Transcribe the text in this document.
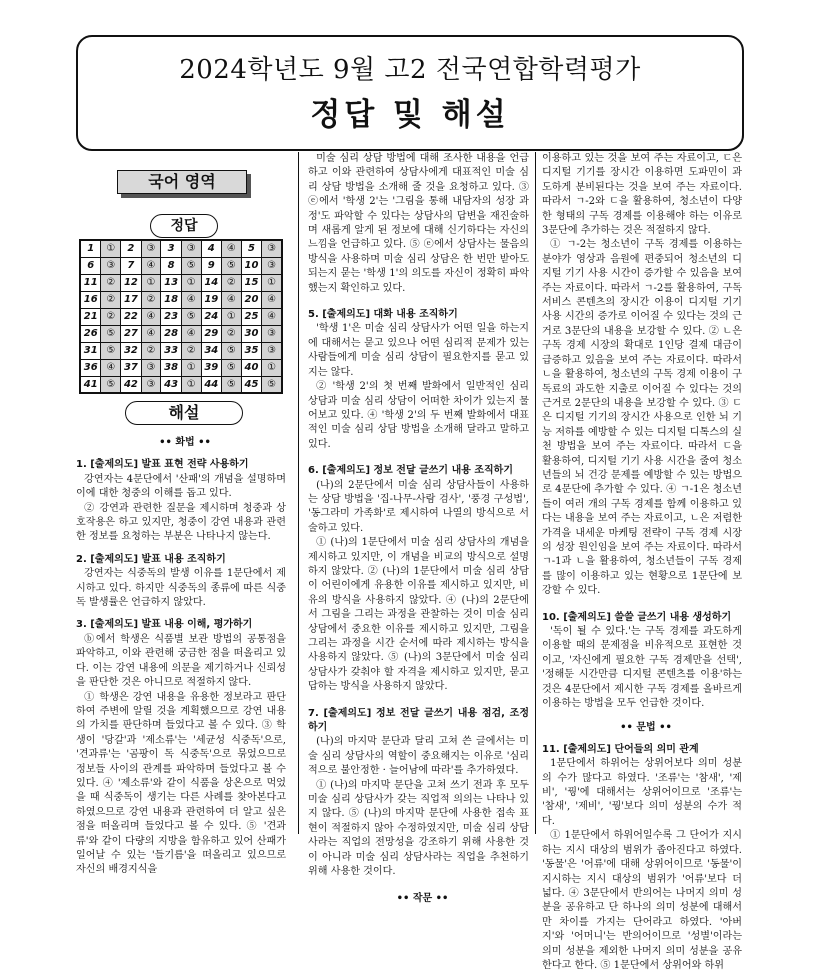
2024학년도 9월 고2 전국연합학력평가
정답 및 해설
국어 영역
정답
1	①	2	③	3	③	4	④	5	③
6	③	7	④	8	⑤	9	⑤	10	③
11	②	12	①	13	①	14	②	15	①
16	②	17	②	18	④	19	④	20	④
21	②	22	④	23	⑤	24	①	25	④
26	⑤	27	④	28	④	29	②	30	③
31	⑤	32	②	33	②	34	⑤	35	③
36	④	37	③	38	①	39	⑤	40	①
41	⑤	42	③	43	①	44	⑤	45	⑤
해설

•• 화법 ••

1. [출제의도] 발표 표현 전략 사용하기

강연자는 4문단에서 '산패'의 개념을 설명하며 이에 대한 청중의 이해를 돕고 있다.

② 강연과 관련한 질문을 제시하며 청중과 상호작용은 하고 있지만, 청중이 강연 내용과 관련한 정보를 요청하는 부분은 나타나지 않는다.

2. [출제의도] 발표 내용 조직하기

강연자는 식중독의 발생 이유를 1문단에서 제시하고 있다. 하지만 식중독의 종류에 따른 식중독 발생률은 언급하지 않았다.

3. [출제의도] 발표 내용 이해, 평가하기

ⓑ에서 학생은 식품별 보관 방법의 공통점을 파악하고, 이와 관련해 궁금한 점을 떠올리고 있다. 이는 강연 내용에 의문을 제기하거나 신뢰성을 판단한 것은 아니므로 적절하지 않다.

① 학생은 강연 내용을 유용한 정보라고 판단하여 주변에 알릴 것을 계획했으므로 강연 내용의 가치를 판단하며 들었다고 볼 수 있다. ③ 학생이 '당갈'과 '제소류'는 '세균성 식중독'으로, '견과류'는 '곰팡이 독 식중독'으로 묶었으므로 정보들 사이의 관계를 파악하며 들었다고 볼 수 있다. ④ '제소류'와 같이 식품을 상온으로 먹었을 때 식중독이 생기는 다른 사례를 찾아본다고 하였으므로 강연 내용과 관련하여 더 알고 싶은 점을 떠올리며 들었다고 볼 수 있다. ⑤ '견과류'와 같이 다량의 지방을 함유하고 있어 산패가 일어날 수 있는 '들기름'을 떠올리고 있으므로 자신의 배경지식을

미술 심리 상담 방법에 대해 조사한 내용을 언급하고 이와 관련하여 상담사에게 대표적인 미술 심리 상담 방법을 소개해 줄 것을 요청하고 있다. ③ ⓔ에서 '학생 2'는 '그림을 통해 내담자의 성장 과정'도 파악할 수 있다는 상담사의 답변을 재진술하며 새롭게 알게 된 정보에 대해 신기하다는 자신의 느낌을 언급하고 있다. ⑤ ⓔ에서 상담사는 물음의 방식을 사용하며 미술 심리 상담은 한 번만 받아도 되는지 묻는 '학생 1'의 의도를 자신이 정확히 파악했는지 확인하고 있다.

5. [출제의도] 대화 내용 조직하기

'학생 1'은 미술 심리 상담사가 어떤 일을 하는지에 대해서는 묻고 있으나 어떤 심리적 문제가 있는 사람들에게 미술 심리 상담이 필요한지를 묻고 있지는 않다.

② '학생 2'의 첫 번째 발화에서 일반적인 심리 상담과 미술 심리 상담이 어떠한 차이가 있는지 물어보고 있다. ④ '학생 2'의 두 번째 발화에서 대표적인 미술 심리 상담 방법을 소개해 달라고 말하고 있다.

6. [출제의도] 정보 전달 글쓰기 내용 조직하기

(나)의 2문단에서 미술 심리 상담사들이 사용하는 상담 방법을 '집-나무-사람 검사', '풍경 구성법', '동그라미 가족화'로 제시하여 나열의 방식으로 서술하고 있다.

① (나)의 1문단에서 미술 심리 상담사의 개념을 제시하고 있지만, 이 개념을 비교의 방식으로 설명하지 않았다. ② (나)의 1문단에서 미술 심리 상담이 어린이에게 유용한 이유를 제시하고 있지만, 비유의 방식을 사용하지 않았다. ④ (나)의 2문단에서 그림을 그리는 과정을 관찰하는 것이 미술 심리 상담에서 중요한 이유를 제시하고 있지만, 그림을 그리는 과정을 시간 순서에 따라 제시하는 방식을 사용하지 않았다. ⑤ (나)의 3문단에서 미술 심리 상담사가 갖춰야 할 자격을 제시하고 있지만, 묻고 답하는 방식을 사용하지 않았다.

7. [출제의도] 정보 전달 글쓰기 내용 점검, 조정하기

(나)의 마지막 문단과 달리 고쳐 쓴 글에서는 미술 심리 상담사의 역할이 중요해지는 이유로 '심리적으로 불안정한 · 늘어남에 따라'를 추가하였다.

① (나)의 마지막 문단을 고쳐 쓰기 전과 후 모두 미술 심리 상담사가 갖는 직업적 의의는 나타나 있지 않다. ⑤ (나)의 마지막 문단에 사용한 접속 표현이 적절하지 않아 수정하였지만, 미술 심리 상담사라는 직업의 전망성을 강조하기 위해 사용한 것이 아니라 미술 심리 상담사라는 직업을 추천하기 위해 사용한 것이다.

•• 작문 ••

이용하고 있는 것을 보여 주는 자료이고, ㄷ은 디지털 기기를 장시간 이용하면 도파민이 과도하게 분비된다는 것을 보여 주는 자료이다. 따라서 ㄱ-2와 ㄷ을 활용하여, 청소년이 다양한 형태의 구독 경제를 이용해야 하는 이유로 3문단에 추가하는 것은 적절하지 않다.

① ㄱ-2는 청소년이 구독 경제를 이용하는 분야가 영상과 음원에 편중되어 청소년의 디지털 기기 사용 시간이 증가할 수 있음을 보여 주는 자료이다. 따라서 ㄱ-2를 활용하여, 구독 서비스 콘텐츠의 장시간 이용이 디지털 기기 사용 시간의 증가로 이어질 수 있다는 것의 근거로 3문단의 내용을 보강할 수 있다. ② ㄴ은 구독 경제 시장의 확대로 1인당 결제 대금이 급증하고 있음을 보여 주는 자료이다. 따라서 ㄴ을 활용하여, 청소년의 구독 경제 이용이 구독료의 과도한 지출로 이어질 수 있다는 것의 근거로 2문단의 내용을 보강할 수 있다. ③ ㄷ은 디지털 기기의 장시간 사용으로 인한 뇌 기능 저하를 예방할 수 있는 디지털 디톡스의 실천 방법을 보여 주는 자료이다. 따라서 ㄷ을 활용하여, 디지털 기기 사용 시간을 줄여 청소년들의 뇌 건강 문제를 예방할 수 있는 방법으로 4문단에 추가할 수 있다. ④ ㄱ-1은 청소년들이 여러 개의 구독 경제를 함께 이용하고 있다는 내용을 보여 주는 자료이고, ㄴ은 저렴한 가격을 내세운 마케팅 전략이 구독 경제 시장의 성장 원인임을 보여 주는 자료이다. 따라서 ㄱ-1과 ㄴ을 활용하여, 청소년들이 구독 경제를 많이 이용하고 있는 현황으로 1문단에 보강할 수 있다.

10. [출제의도] 쓸쓸 글쓰기 내용 생성하기

'독이 될 수 있다.'는 구독 경제를 과도하게 이용할 때의 문제점을 비유적으로 표현한 것이고, '자신에게 필요한 구독 경제만을 선택', '정해둔 시간만큼 디지털 콘텐츠를 이용'하는 것은 4문단에서 제시한 구독 경제를 올바르게 이용하는 방법을 모두 언급한 것이다.

•• 문법 ••

11. [출제의도] 단어들의 의미 관계

1문단에서 하위어는 상위어보다 의미 성분의 수가 많다고 하였다. '조류'는 '참새', '제비', '꿩'에 대해서는 상위어이므로 '조류'는 '참새', '제비', '꿩'보다 의미 성분의 수가 적다.

① 1문단에서 하위어일수록 그 단어가 지시하는 지시 대상의 범위가 좁아진다고 하였다. '동물'은 '어류'에 대해 상위어이므로 '동물'이 지시하는 지시 대상의 범위가 '어류'보다 더 넓다. ④ 3문단에서 반의어는 나머지 의미 성분을 공유하고 단 하나의 의미 성분에 대해서만 차이를 가지는 단어라고 하였다. '아버지'와 '어머니'는 반의어이므로 '성별'이라는 의미 성분을 제외한 나머지 의미 성분을 공유한다고 한다. ⑤ 1문단에서 상위어와 하위
